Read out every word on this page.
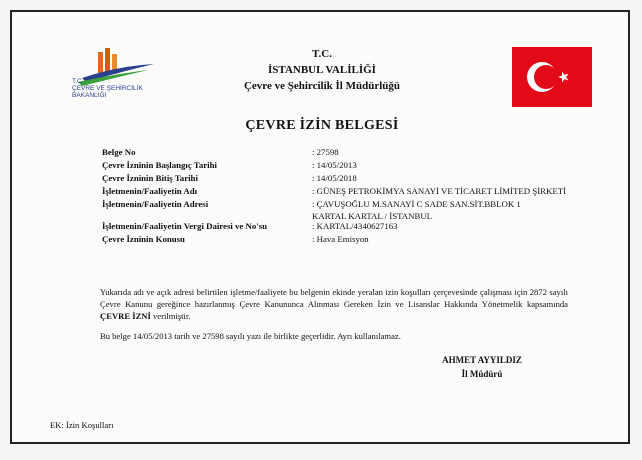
T.C.
ÇEVRE VE ŞEHİRCİLİK
BAKANLIĞI
T.C.
İSTANBUL VALİLİĞİ
Çevre ve Şehircilik İl Müdürlüğü
ÇEVRE İZİN BELGESİ
Belge No	: 27598
Çevre İzninin Başlangıç Tarihi	: 14/05/2013
Çevre İzninin Bitiş Tarihi	: 14/05/2018
İşletmenin/Faaliyetin Adı	: GÜNEŞ PETROKİMYA SANAYİ VE TİCARET LİMİTED ŞİRKETİ
İşletmenin/Faaliyetin Adresi	: ÇAVUŞOĞLU M.SANAYİ C SADE SAN.SİT.BBLOK 1
KARTAL KARTAL / İSTANBUL
İşletmenin/Faaliyetin Vergi Dairesi ve No'su	: KARTAL/4340627163
Çevre İzninin Konusu	: Hava Emisyon
Yukarıda adı ve açık adresi belirtilen işletme/faaliyete bu belgenin ekinde yeralan izin koşulları çerçevesinde çalışması için 2872 sayılı Çevre Kanunu gereğince hazırlanmış Çevre Kanununca Alınması Gereken İzin ve Lisanslar Hakkında Yönetmelik kapsamında ÇEVRE İZNİ verilmiştir.
Bu belge 14/05/2013 tarih ve 27598 sayılı yazı ile birlikte geçerlidir. Ayrı kullanılamaz.
AHMET AYYILDIZ
İl Müdürü
EK: İzin Koşulları
